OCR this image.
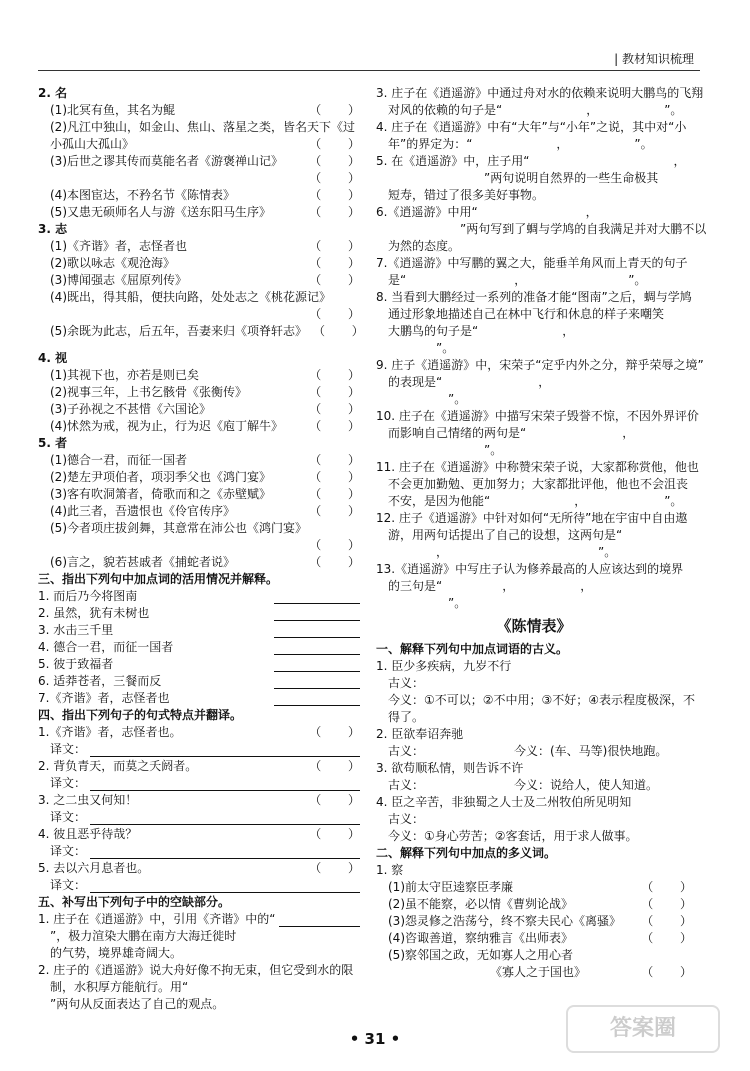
| 教材知识梳理
2. 名
(1)北冥有鱼，其名为鲲
（         ）
(2)凡江中独山，如金山、焦山、落星之类，皆名天下《过
小孤山大孤山》
（         ）
(3)后世之谬其传而莫能名者《游褒禅山记》
（         ）
（         ）
(4)本图宦达，不矜名节《陈情表》
（         ）
(5)又患无硕师名人与游《送东阳马生序》
（         ）
3. 志
(1)《齐谐》者，志怪者也
（         ）
(2)歌以咏志《观沧海》
（         ）
(3)博闻强志《屈原列传》
（         ）
(4)既出，得其船，便扶向路，处处志之《桃花源记》
（         ）
(5)余既为此志，后五年，吾妻来归《项脊轩志》
（         ）
4. 视
(1)其视下也，亦若是则已矣
（         ）
(2)视事三年，上书乞骸骨《张衡传》
（         ）
(3)子孙视之不甚惜《六国论》
（         ）
(4)怵然为戒，视为止，行为迟《庖丁解牛》
（         ）
5. 者
(1)德合一君，而征一国者
（         ）
(2)楚左尹项伯者，项羽季父也《鸿门宴》
（         ）
(3)客有吹洞箫者，倚歌而和之《赤壁赋》
（         ）
(4)此三者，吾遗恨也《伶官传序》
（         ）
(5)今者项庄拔剑舞，其意常在沛公也《鸿门宴》
（         ）
(6)言之，貌若甚戚者《捕蛇者说》
（         ）
三、指出下列句中加点词的活用情况并解释。
1. 而后乃今将图南
2. 虽然，犹有未树也
3. 水击三千里
4. 德合一君，而征一国者
5. 彼于致福者
6. 适莽苍者，三餐而反
7.《齐谐》者，志怪者也
四、指出下列句子的句式特点并翻译。
1.《齐谐》者，志怪者也。
（         ）
译文：
2. 背负青天，而莫之夭阏者。
（         ）
译文：
3. 之二虫又何知！
（         ）
译文：
4. 彼且恶乎待哉？
（         ）
译文：
5. 去以六月息者也。
（         ）
译文：
五、补写出下列句子中的空缺部分。
1. 庄子在《逍遥游》中，引用《齐谐》中的“
”，极力渲染大鹏在南方大海迁徙时
的气势，境界雄奇阔大。
2. 庄子的《逍遥游》说大舟好像不拘无束，但它受到水的限
制，水积厚方能航行。用“
”两句从反面表达了自己的观点。
3. 庄子在《逍遥游》中通过舟对水的依赖来说明大鹏鸟的飞翔
对风的依赖的句子是“　　　　　　　，　　　　　　”。
4. 庄子在《逍遥游》中有“大年”与“小年”之说，其中对“小
年”的界定为：“　　　　　　　，　　　　　　”。
5. 在《逍遥游》中，庄子用“　　　　　　　　　　　　，
　　　　　　　　”两句说明自然界的一些生命极其
短寿，错过了很多美好事物。
6.《逍遥游》中用“　　　　　　　　　，　　　　　　　
　　　　　　”两句写到了蜩与学鸠的自我满足并对大鹏不以
为然的态度。
7.《逍遥游》中写鹏的翼之大，能垂羊角风而上青天的句子
是“　　　　　　　　　，　　　　　　　　　”。
8. 当看到大鹏经过一系列的准备才能“图南”之后，蜩与学鸠
通过形象地描述自己在林中飞行和休息的样子来嘲笑
大鹏鸟的句子是“　　　　　　　，　　　　　　　　
　　　　”。
9. 庄子《逍遥游》中，宋荣子“定乎内外之分，辩乎荣辱之境”
的表现是“　　　　　　　　，　　　　　　　　　　
　　　　　”。
10. 庄子在《逍遥游》中描写宋荣子毁誉不惊，不因外界评价
而影响自己情绪的两句是“　　　　　　　　，　　　　　
　　　　　　　　”。
11. 庄子在《逍遥游》中称赞宋荣子说，大家都称赏他，他也
不会更加勤勉、更加努力；大家都批评他，他也不会沮丧
不安，是因为他能“　　　　　　　，　　　　　　　”。
12. 庄子《逍遥游》中针对如何“无所待”地在宇宙中自由遨
游，用两句话提出了自己的设想，这两句是“　　　　　　
　　　　，　　　　　　　　　　　　　”。
13.《逍遥游》中写庄子认为修养最高的人应该达到的境界
的三句是“　　　　　，　　　　　　，　　　　　　
　　　　　”。
《陈情表》
一、解释下列句中加点词语的古义。
1. 臣少多疾病，九岁不行
古义：　　　　　　　　　　　　　　　　
今义：①不可以；②不中用；③不好；④表示程度极深，不
得了。
2. 臣欲奉诏奔驰
古义：　　　　　　　　今义：(车、马等)很快地跑。
3. 欲苟顺私情，则告诉不许
古义：　　　　　　　　今义：说给人，使人知道。
4. 臣之辛苦，非独蜀之人士及二州牧伯所见明知
古义：　　　　　　　　　　　　　　　　
今义：①身心劳苦；②客套话，用于求人做事。
二、解释下列句中加点的多义词。
1. 察
(1)前太守臣逵察臣孝廉
（         ）
(2)虽不能察，必以情《曹刿论战》
（         ）
(3)怨灵修之浩荡兮，终不察夫民心《离骚》
（         ）
(4)咨诹善道，察纳雅言《出师表》
（         ）
(5)察邻国之政，无如寡人之用心者
　　　　　　　　《寡人之于国也》
（         ）
• 31 •	答案圈
